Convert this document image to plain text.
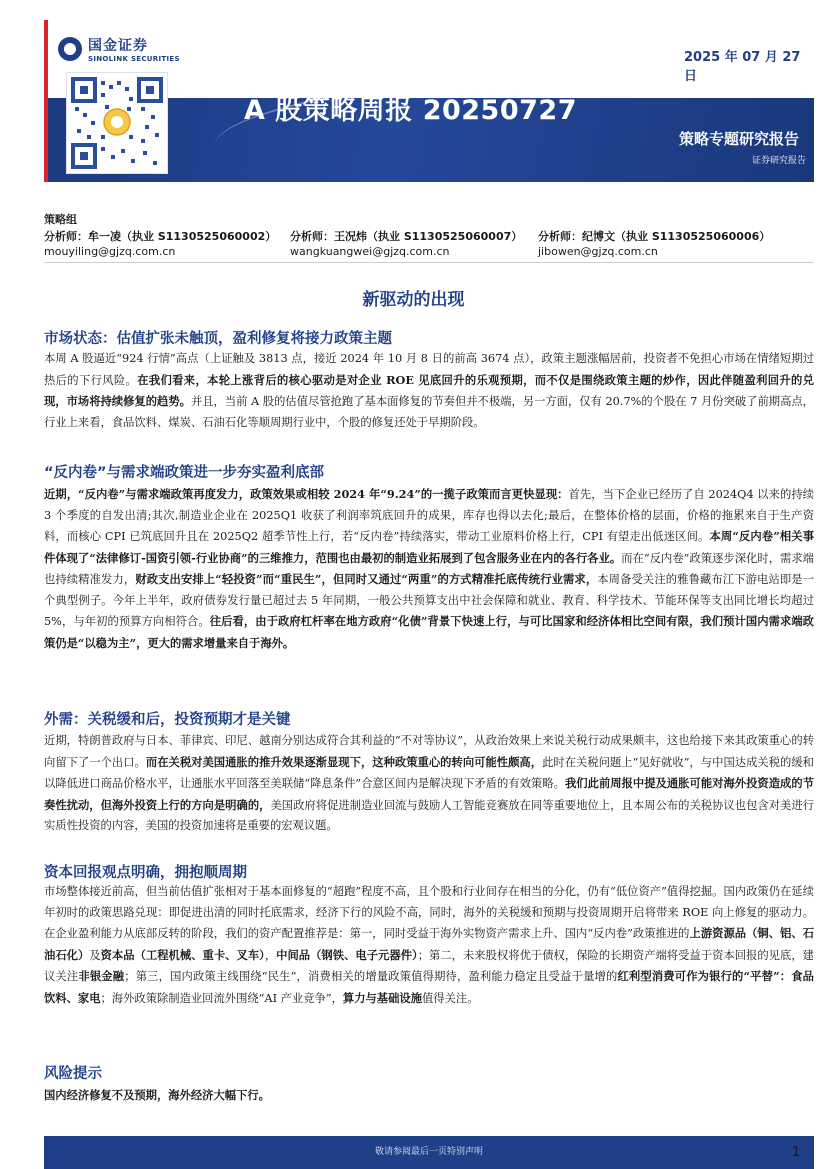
国金证券
SINOLINK SECURITIES	2025 年 07 月 27 日
A 股策略周报 20250727
策略专题研究报告
证券研究报告
策略组
分析师：牟一凌（执业 S1130525060002） 分析师：王况炜（执业 S1130525060007） 分析师：纪博文（执业 S1130525060006）
mouyiling@gjzq.com.cn	wangkuangwei@gjzq.com.cn	jibowen@gjzq.com.cn
新驱动的出现
市场状态：估值扩张未触顶，盈利修复将接力政策主题
本周 A 股逼近“924 行情”高点（上证触及 3813 点，接近 2024 年 10 月 8 日的前高 3674 点），政策主题涨幅居前，投资者不免担心市场在情绪短期过热后的下行风险。在我们看来，本轮上涨背后的核心驱动是对企业 ROE 见底回升的乐观预期，而不仅是围绕政策主题的炒作，因此伴随盈利回升的兑现，市场将持续修复的趋势。并且，当前 A 股的估值尽管抢跑了基本面修复的节奏但并不极端，另一方面，仅有 20.7%的个股在 7 月份突破了前期高点，行业上来看，食品饮料、煤炭、石油石化等顺周期行业中，个股的修复还处于早期阶段。
“反内卷”与需求端政策进一步夯实盈利底部
近期，“反内卷”与需求端政策再度发力，政策效果或相较 2024 年“9.24”的一揽子政策而言更快显现：首先，当下企业已经历了自 2024Q4 以来的持续 3 个季度的自发出清;其次,制造业企业在 2025Q1 收获了利润率筑底回升的成果，库存也得以去化;最后，在整体价格的层面，价格的拖累来自于生产资料，而核心 CPI 已筑底回升且在 2025Q2 超季节性上行，若“反内卷”持续落实，带动工业原料价格上行，CPI 有望走出低迷区间。本周“反内卷”相关事件体现了“法律修订-国资引领-行业协商”的三维推力，范围也由最初的制造业拓展到了包含服务业在内的各行各业。而在“反内卷”政策逐步深化时，需求端也持续精准发力，财政支出安排上“轻投资”而“重民生”，但同时又通过“两重”的方式精准托底传统行业需求，本周备受关注的雅鲁藏布江下游电站即是一个典型例子。今年上半年，政府债券发行量已超过去 5 年同期，一般公共预算支出中社会保障和就业、教育、科学技术、节能环保等支出同比增长均超过 5%，与年初的预算方向相符合。往后看，由于政府杠杆率在地方政府“化债”背景下快速上行，与可比国家和经济体相比空间有限，我们预计国内需求端政策仍是“以稳为主”，更大的需求增量来自于海外。
外需：关税缓和后，投资预期才是关键
近期，特朗普政府与日本、菲律宾、印尼、越南分别达成符合其利益的“不对等协议”，从政治效果上来说关税行动成果颇丰，这也给接下来其政策重心的转向留下了一个出口。而在关税对美国通胀的推升效果逐渐显现下，这种政策重心的转向可能性颇高，此时在关税问题上“见好就收”，与中国达成关税的缓和以降低进口商品价格水平，让通胀水平回落至美联储“降息条件”合意区间内是解决现下矛盾的有效策略。我们此前周报中提及通胀可能对海外投资造成的节奏性扰动，但海外投资上行的方向是明确的，美国政府将促进制造业回流与鼓励人工智能竞赛放在同等重要地位上，且本周公布的关税协议也包含对美进行实质性投资的内容，美国的投资加速将是重要的宏观议题。
资本回报观点明确，拥抱顺周期
市场整体接近前高，但当前估值扩张相对于基本面修复的“超跑”程度不高，且个股和行业间存在相当的分化，仍有“低位资产”值得挖掘。国内政策仍在延续年初时的政策思路兑现：即促进出清的同时托底需求，经济下行的风险不高，同时，海外的关税缓和预期与投资周期开启将带来 ROE 向上修复的驱动力。在企业盈利能力从底部反转的阶段，我们的资产配置推荐是：第一，同时受益于海外实物资产需求上升、国内“反内卷”政策推进的上游资源品（铜、铝、石油石化）及资本品（工程机械、重卡、叉车），中间品（钢铁、电子元器件）；第二，未来股权将优于债权，保险的长期资产端将受益于资本回报的见底，建议关注非银金融；第三，国内政策主线围绕“民生”，消费相关的增量政策值得期待，盈利能力稳定且受益于量增的红利型消费可作为银行的“平替”：食品饮料、家电；海外政策除制造业回流外围绕“AI 产业竞争”，算力与基础设施值得关注。
风险提示
国内经济修复不及预期，海外经济大幅下行。
敬请参阅最后一页特别声明	1
